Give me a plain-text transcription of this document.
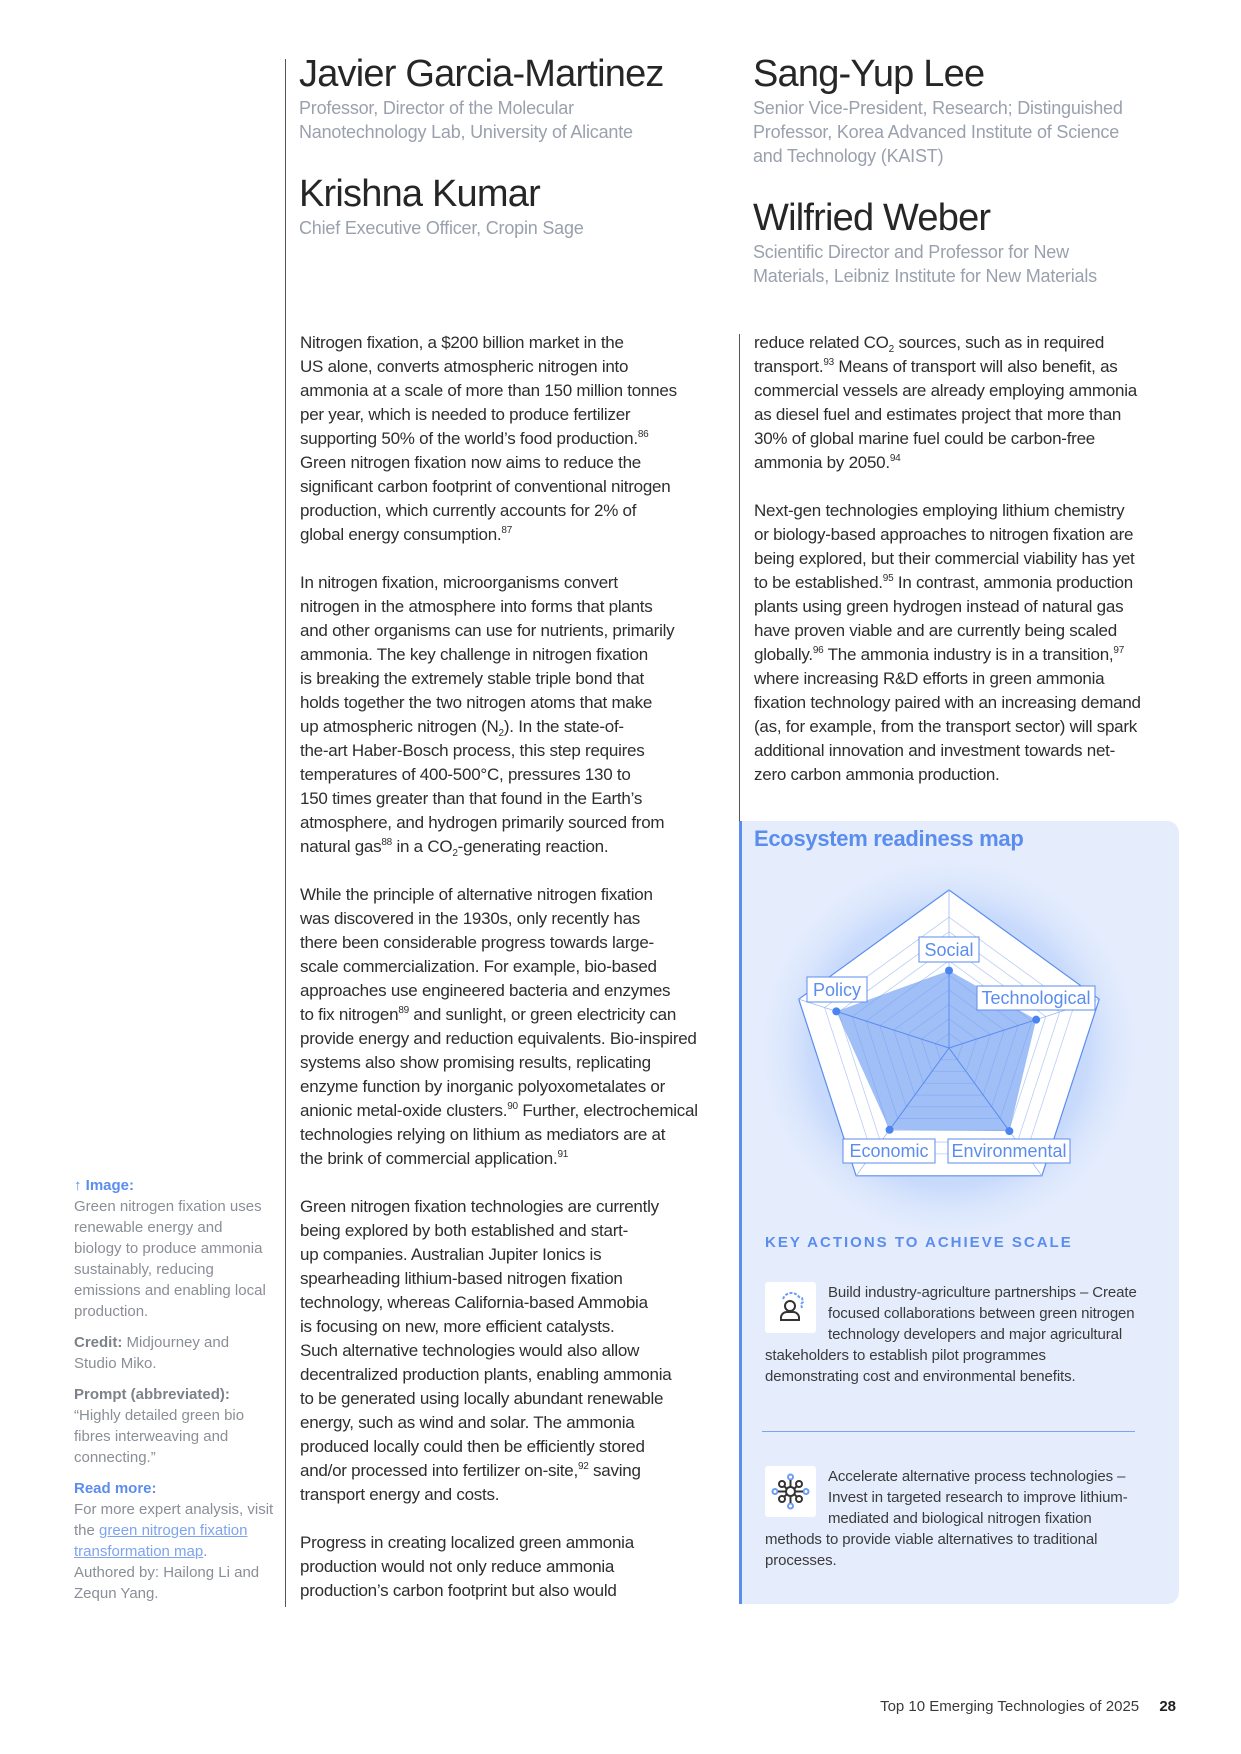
Javier Garcia-Martinez
Professor, Director of the Molecular
Nanotechnology Lab, University of Alicante
Krishna Kumar
Chief Executive Officer, Cropin Sage
Sang-Yup Lee
Senior Vice-President, Research; Distinguished
Professor, Korea Advanced Institute of Science
and Technology (KAIST)
Wilfried Weber
Scientific Director and Professor for New
Materials, Leibniz Institute for New Materials
Nitrogen fixation, a $200 billion market in the
US alone, converts atmospheric nitrogen into
ammonia at a scale of more than 150 million tonnes
per year, which is needed to produce fertilizer
supporting 50% of the world’s food production.$^{86}$
Green nitrogen fixation now aims to reduce the
significant carbon footprint of conventional nitrogen
production, which currently accounts for 2% of
global energy consumption.$^{87}$
In nitrogen fixation, microorganisms convert
nitrogen in the atmosphere into forms that plants
and other organisms can use for nutrients, primarily
ammonia. The key challenge in nitrogen fixation
is breaking the extremely stable triple bond that
holds together the two nitrogen atoms that make
up atmospheric nitrogen $(N_2)$. In the state-of-
the-art Haber-Bosch process, this step requires
temperatures of 400-500°C, pressures 130 to
150 times greater than that found in the Earth’s
atmosphere, and hydrogen primarily sourced from
natural gas$^{88}$ in a $CO_2$-generating reaction.
While the principle of alternative nitrogen fixation
was discovered in the 1930s, only recently has
there been considerable progress towards large-
scale commercialization. For example, bio-based
approaches use engineered bacteria and enzymes
to fix nitrogen$^{89}$ and sunlight, or green electricity can
provide energy and reduction equivalents. Bio-inspired
systems also show promising results, replicating
enzyme function by inorganic polyoxometalates or
anionic metal-oxide clusters.$^{90}$ Further, electrochemical
technologies relying on lithium as mediators are at
the brink of commercial application.$^{91}$
Green nitrogen fixation technologies are currently
being explored by both established and start-
up companies. Australian Jupiter Ionics is
spearheading lithium-based nitrogen fixation
technology, whereas California-based Ammobia
is focusing on new, more efficient catalysts.
Such alternative technologies would also allow
decentralized production plants, enabling ammonia
to be generated using locally abundant renewable
energy, such as wind and solar. The ammonia
produced locally could then be efficiently stored
and/or processed into fertilizer on-site,$^{92}$ saving
transport energy and costs.
Progress in creating localized green ammonia
production would not only reduce ammonia
production’s carbon footprint but also would
reduce related $CO_2$ sources, such as in required
transport.$^{93}$ Means of transport will also benefit, as
commercial vessels are already employing ammonia
as diesel fuel and estimates project that more than
30% of global marine fuel could be carbon-free
ammonia by 2050.94
Next-gen technologies employing lithium chemistry
or biology-based approaches to nitrogen fixation are
being explored, but their commercial viability has yet
to be established.$^{95}$ In contrast, ammonia production
plants using green hydrogen instead of natural gas
have proven viable and are currently being scaled
globally.$^{96}$ The ammonia industry is in a transition,$^{97}$
where increasing R&D efforts in green ammonia
fixation technology paired with an increasing demand
(as, for example, from the transport sector) will spark
additional innovation and investment towards net-
zero carbon ammonia production.
↑ Image:
Green nitrogen fixation uses renewable energy and biology to produce ammonia sustainably, reducing emissions and enabling local production.
Credit: Midjourney and Studio Miko.
Prompt (abbreviated):
“Highly detailed green bio fibres interweaving and connecting.”
Read more:
For more expert analysis, visit the green nitrogen fixation transformation map.
Authored by: Hailong Li and Zequn Yang.
Ecosystem readiness map
Social
Technological
Environmental
Economic
Policy
KEY ACTIONS TO ACHIEVE SCALE
Build industry-agriculture partnerships – Create focused collaborations between green nitrogen technology developers and major agricultural stakeholders to establish pilot programmes demonstrating cost and environmental benefits.
Accelerate alternative process technologies – Invest in targeted research to improve lithium-mediated and biological nitrogen fixation methods to provide viable alternatives to traditional processes.
Top 10 Emerging Technologies of 2025 28
